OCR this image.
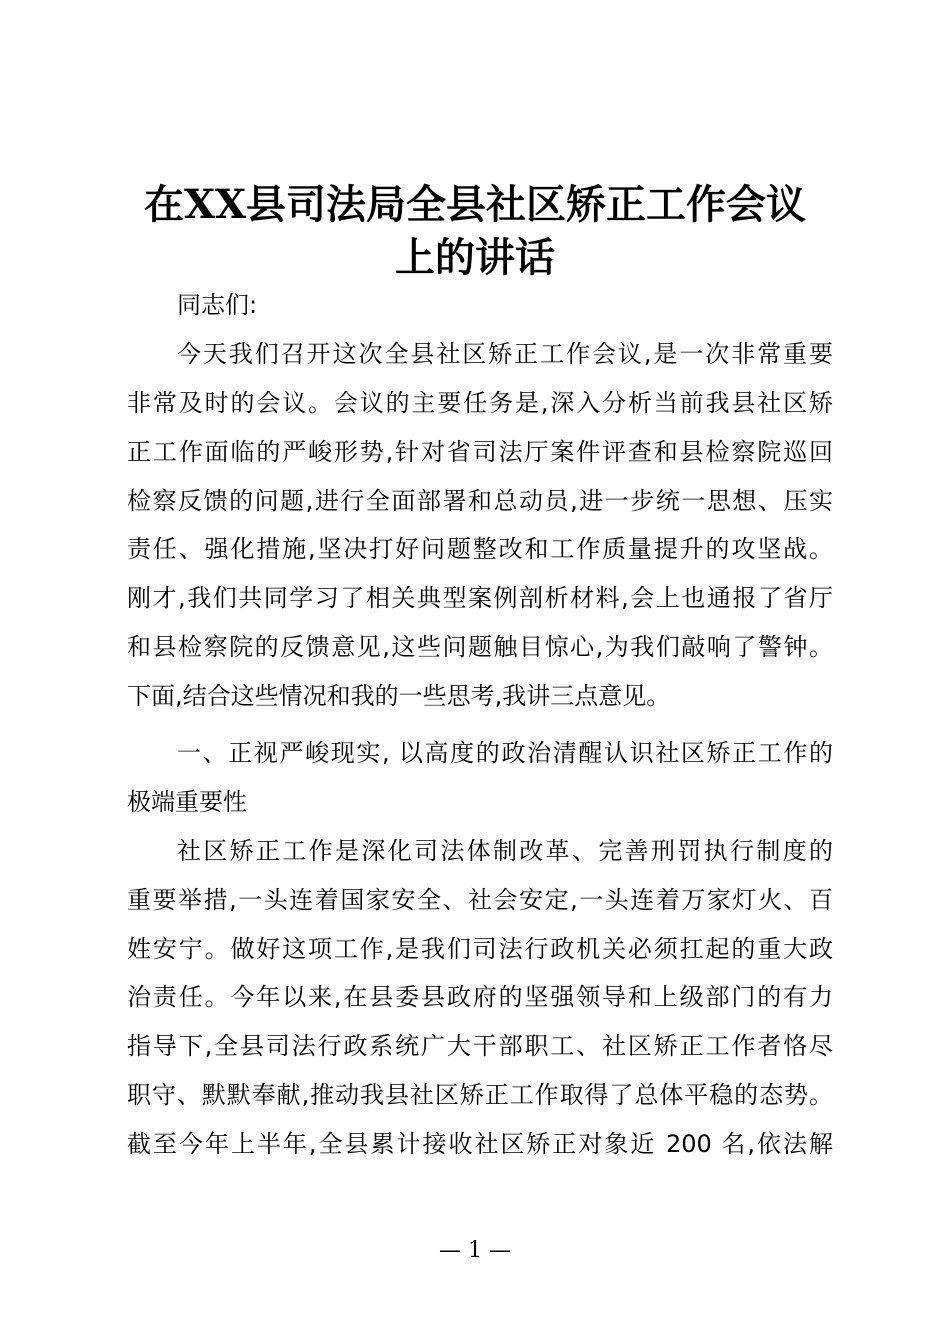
在XX县司法局全县社区矫正工作会议
上的讲话
同志们:
今天我们召开这次全县社区矫正工作会议,是一次非常重要
非常及时的会议。会议的主要任务是,深入分析当前我县社区矫
正工作面临的严峻形势,针对省司法厅案件评查和县检察院巡回
检察反馈的问题,进行全面部署和总动员,进一步统一思想、压实
责任、强化措施,坚决打好问题整改和工作质量提升的攻坚战。
刚才,我们共同学习了相关典型案例剖析材料,会上也通报了省厅
和县检察院的反馈意见,这些问题触目惊心,为我们敲响了警钟。
下面,结合这些情况和我的一些思考,我讲三点意见。
一、正视严峻现实, 以高度的政治清醒认识社区矫正工作的
极端重要性
社区矫正工作是深化司法体制改革、完善刑罚执行制度的
重要举措,一头连着国家安全、社会安定,一头连着万家灯火、百
姓安宁。做好这项工作,是我们司法行政机关必须扛起的重大政
治责任。今年以来,在县委县政府的坚强领导和上级部门的有力
指导下,全县司法行政系统广大干部职工、社区矫正工作者恪尽
职守、默默奉献,推动我县社区矫正工作取得了总体平稳的态势。
截至今年上半年,全县累计接收社区矫正对象近 200 名,依法解
— 1 —
